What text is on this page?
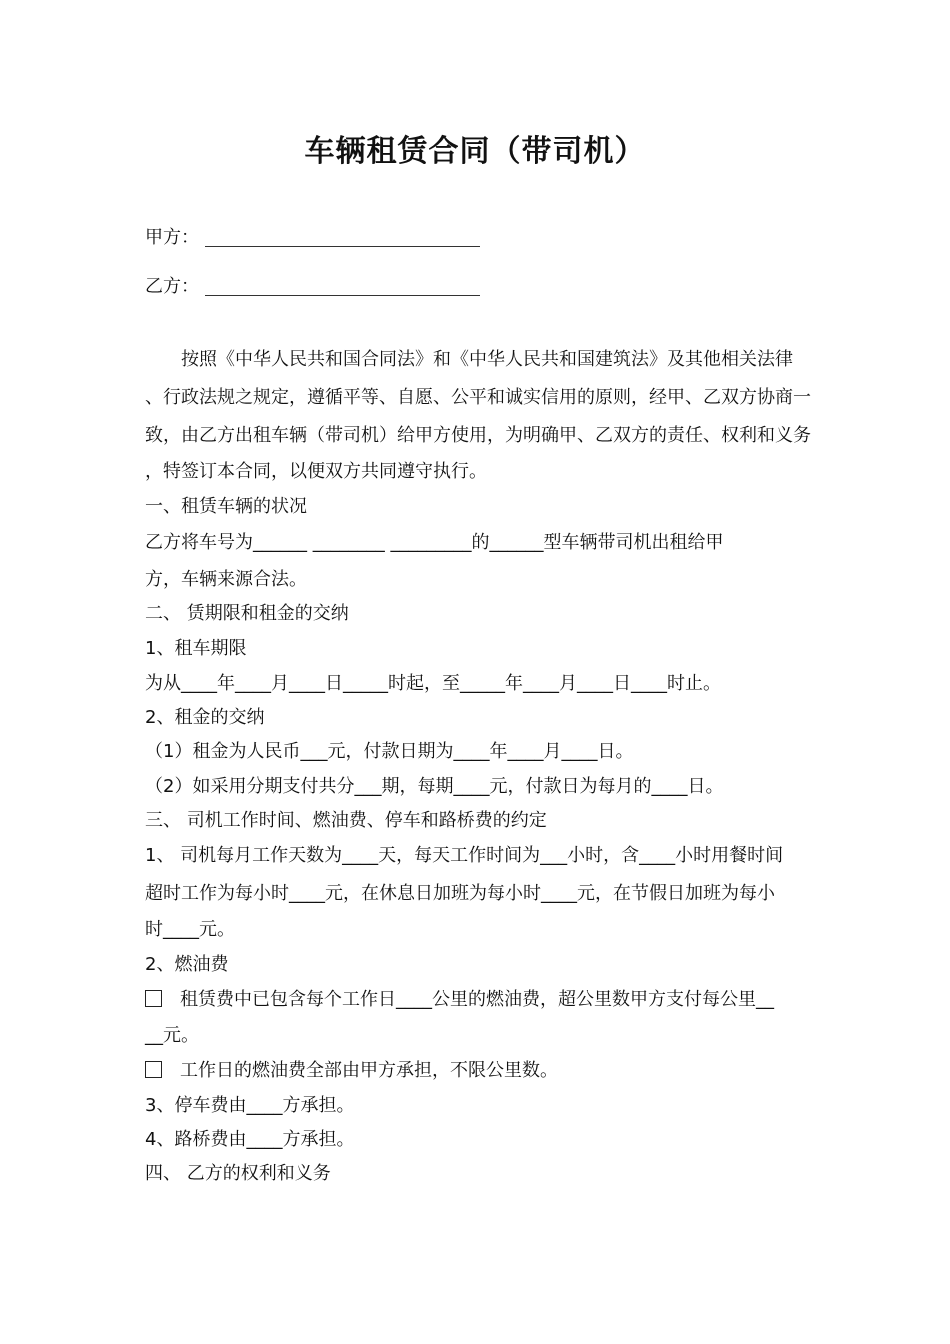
车辆租赁合同（带司机）
甲方：
乙方：
按照《中华人民共和国合同法》和《中华人民共和国建筑法》及其他相关法律
、行政法规之规定，遵循平等、自愿、公平和诚实信用的原则，经甲、乙双方协商一
致，由乙方出租车辆（带司机）给甲方使用，为明确甲、乙双方的责任、权利和义务
，特签订本合同，以便双方共同遵守执行。
一、租赁车辆的状况
乙方将车号为______ ________ _________的______型车辆带司机出租给甲
方，车辆来源合法。
二、 赁期限和租金的交纳
1、租车期限
为从____年____月____日_____时起，至_____年____月____日____时止。
2、租金的交纳
（1）租金为人民币___元，付款日期为____年____月____日。
（2）如采用分期支付共分___期，每期____元，付款日为每月的____日。
三、 司机工作时间、燃油费、停车和路桥费的约定
1、 司机每月工作天数为____天，每天工作时间为___小时，含____小时用餐时间
超时工作为每小时____元，在休息日加班为每小时____元，在节假日加班为每小
时____元。
2、燃油费
租赁费中已包含每个工作日____公里的燃油费，超公里数甲方支付每公里__
__元。
工作日的燃油费全部由甲方承担，不限公里数。
3、停车费由____方承担。
4、路桥费由____方承担。
四、 乙方的权利和义务
